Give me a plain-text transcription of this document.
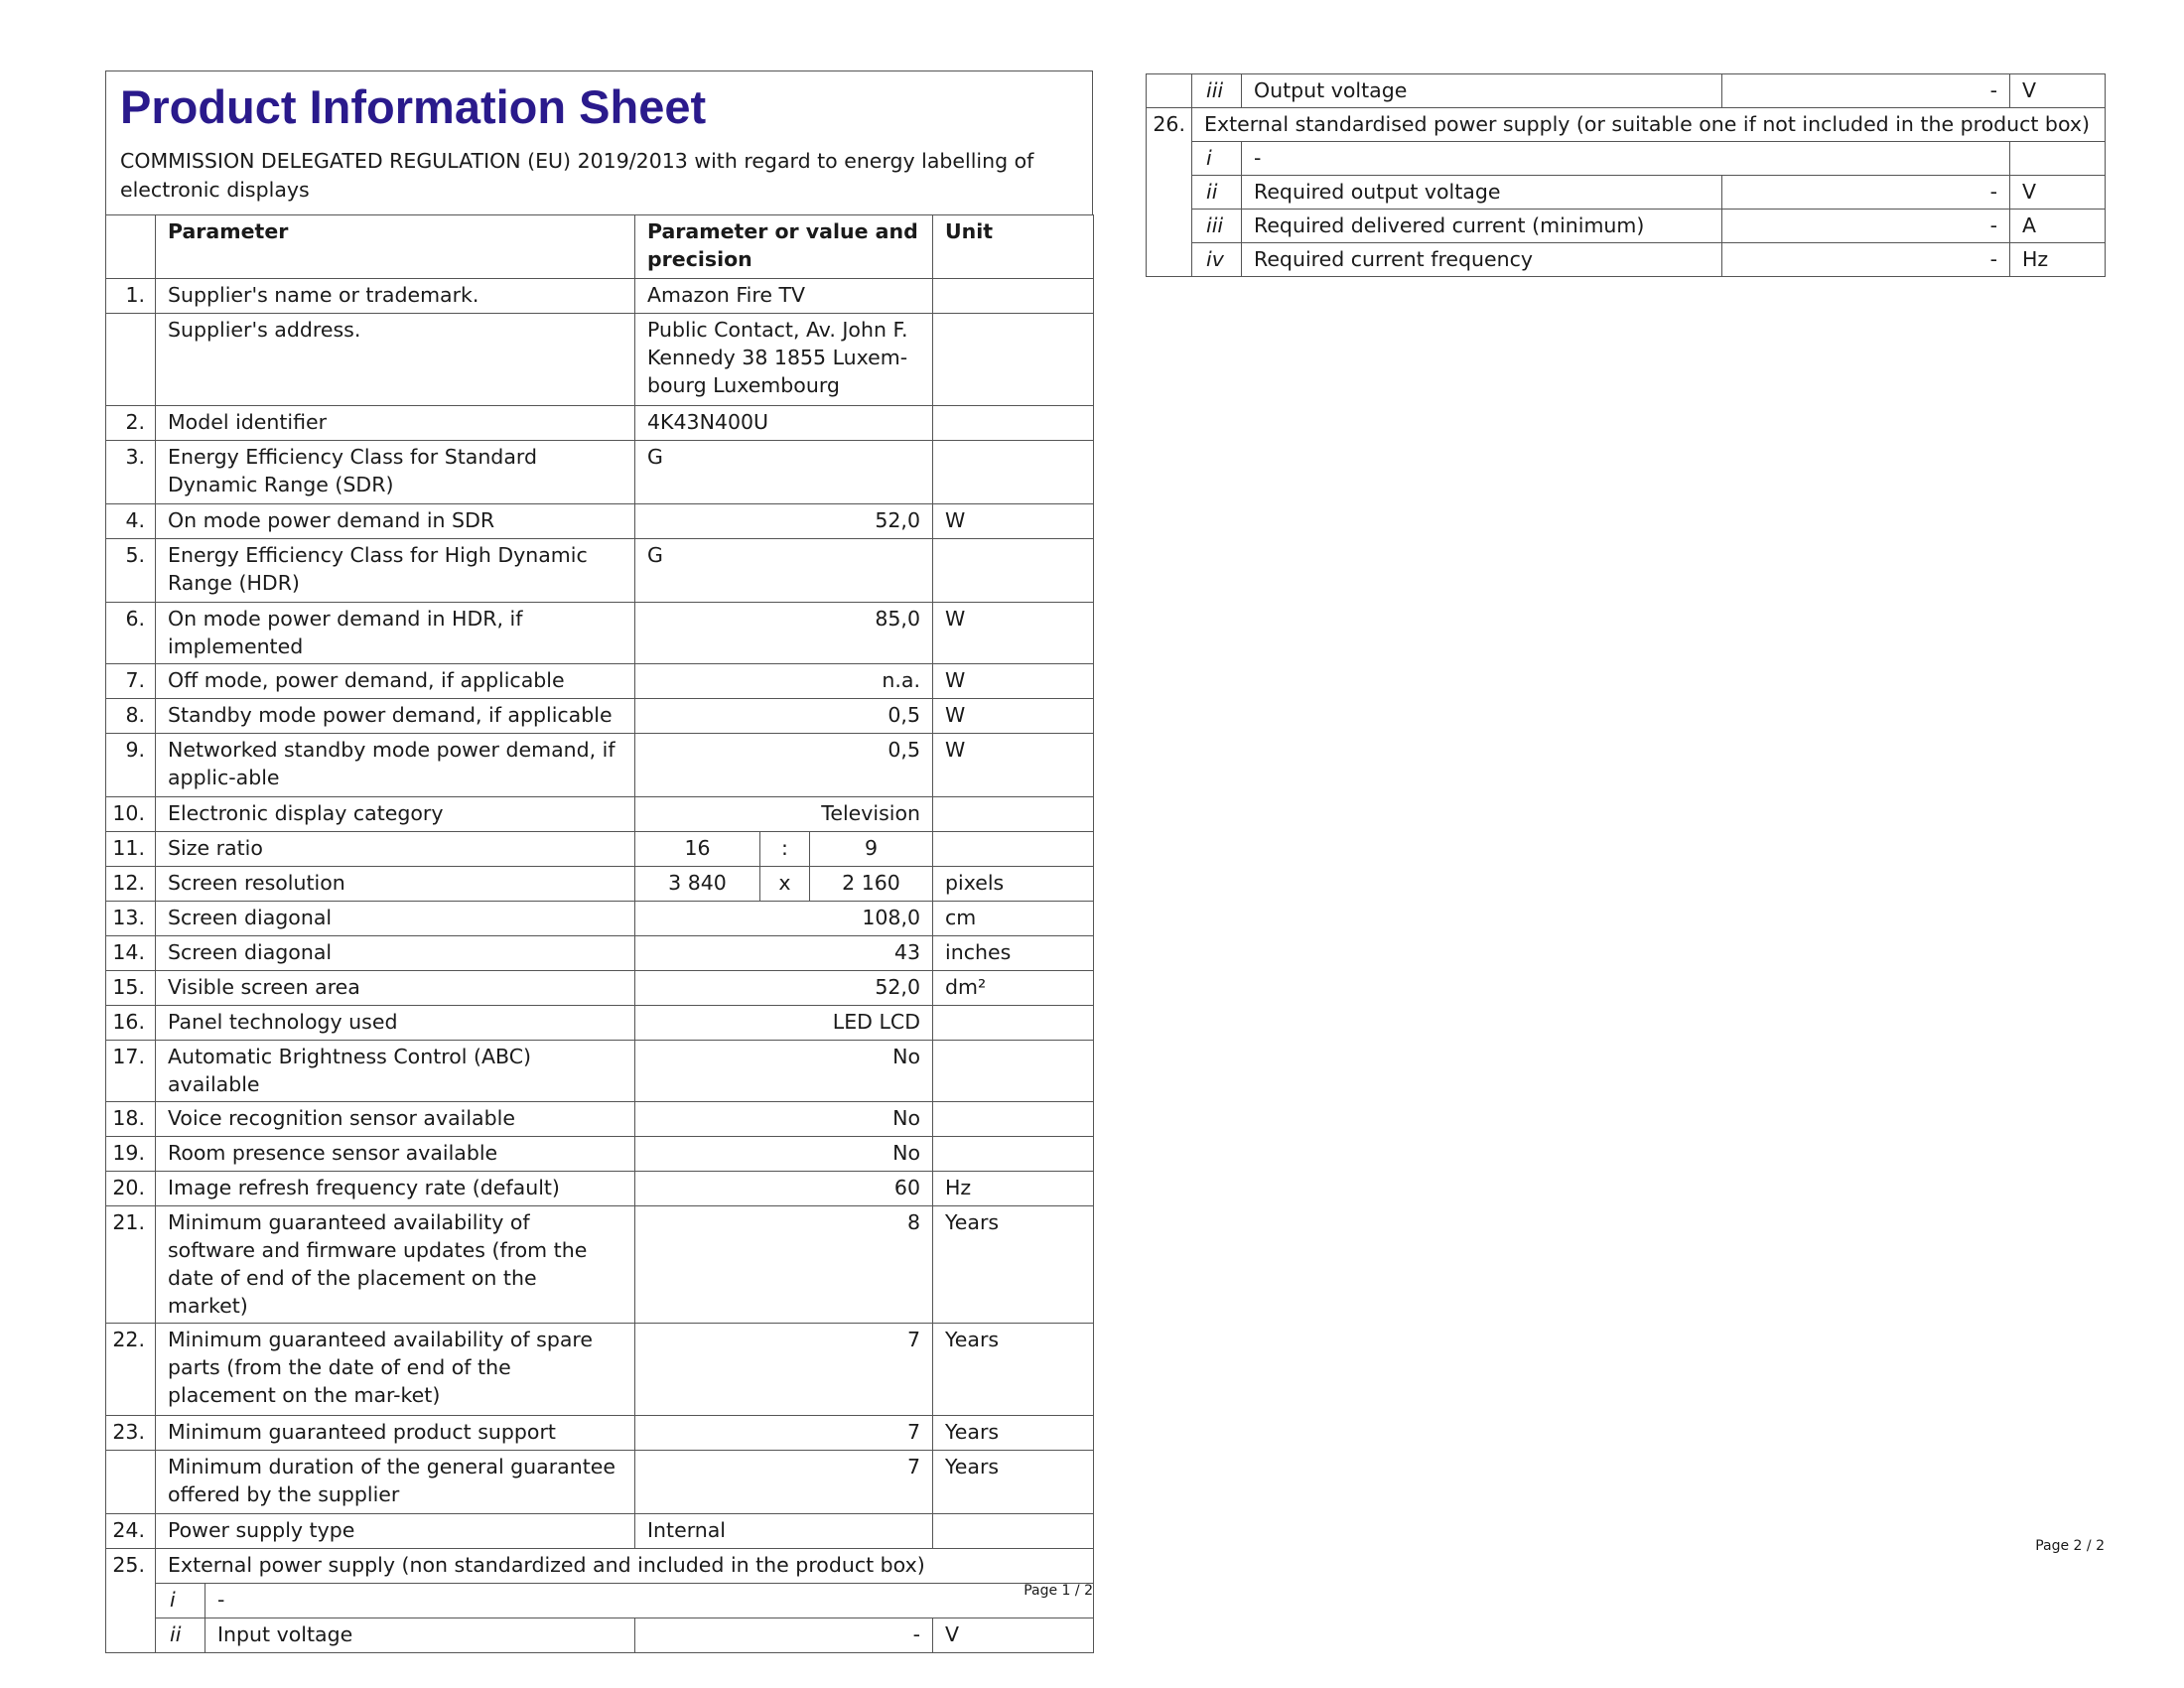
Product Information Sheet
COMMISSION DELEGATED REGULATION (EU) 2019/2013 with regard to energy labelling of electronic displays
	Parameter		Parameter or value and precision			Unit
1.	Supplier's name or trademark.		Amazon Fire TV			
	Supplier's address.		Public Contact, Av. John F. Kennedy 38 1855 Luxem-bourg Luxembourg			
2.	Model identifier		4K43N400U			
3.	Energy Efficiency Class for Standard Dynamic Range (SDR)		G			
4.	On mode power demand in SDR		52,0			W
5.	Energy Efficiency Class for High Dynamic Range (HDR)		G			
6.	On mode power demand in HDR, if implemented		85,0			W
7.	Off mode, power demand, if applicable		n.a.			W
8.	Standby mode power demand, if applicable		0,5			W
9.	Networked standby mode power demand, if applic-able		0,5			W
10.	Electronic display category		Television			
11.	Size ratio		16	:	9	
12.	Screen resolution		3 840	x	2 160	pixels
13.	Screen diagonal		108,0			cm
14.	Screen diagonal		43			inches
15.	Visible screen area		52,0			dm²
16.	Panel technology used		LED LCD			
17.	Automatic Brightness Control (ABC) available		No			
18.	Voice recognition sensor available		No			
19.	Room presence sensor available		No			
20.	Image refresh frequency rate (default)		60			Hz
21.	Minimum guaranteed availability of software and firmware updates (from the date of end of the placement on the market)		8			Years
22.	Minimum guaranteed availability of spare parts (from the date of end of the placement on the mar-ket)		7			Years
23.	Minimum guaranteed product support		7			Years
	Minimum duration of the general guarantee offered by the supplier		7			Years
24.	Power supply type		Internal			
25.	External power supply (non standardized and included in the product box)					
	i	-				
	ii	Input voltage	-			V
Page 1 / 2
	iii	Output voltage	-	V
26.	External standardised power supply (or suitable one if not included in the product box)			
	i	-		
	ii	Required output voltage	-	V
	iii	Required delivered current (minimum)	-	A
	iv	Required current frequency	-	Hz
Page 2 / 2
